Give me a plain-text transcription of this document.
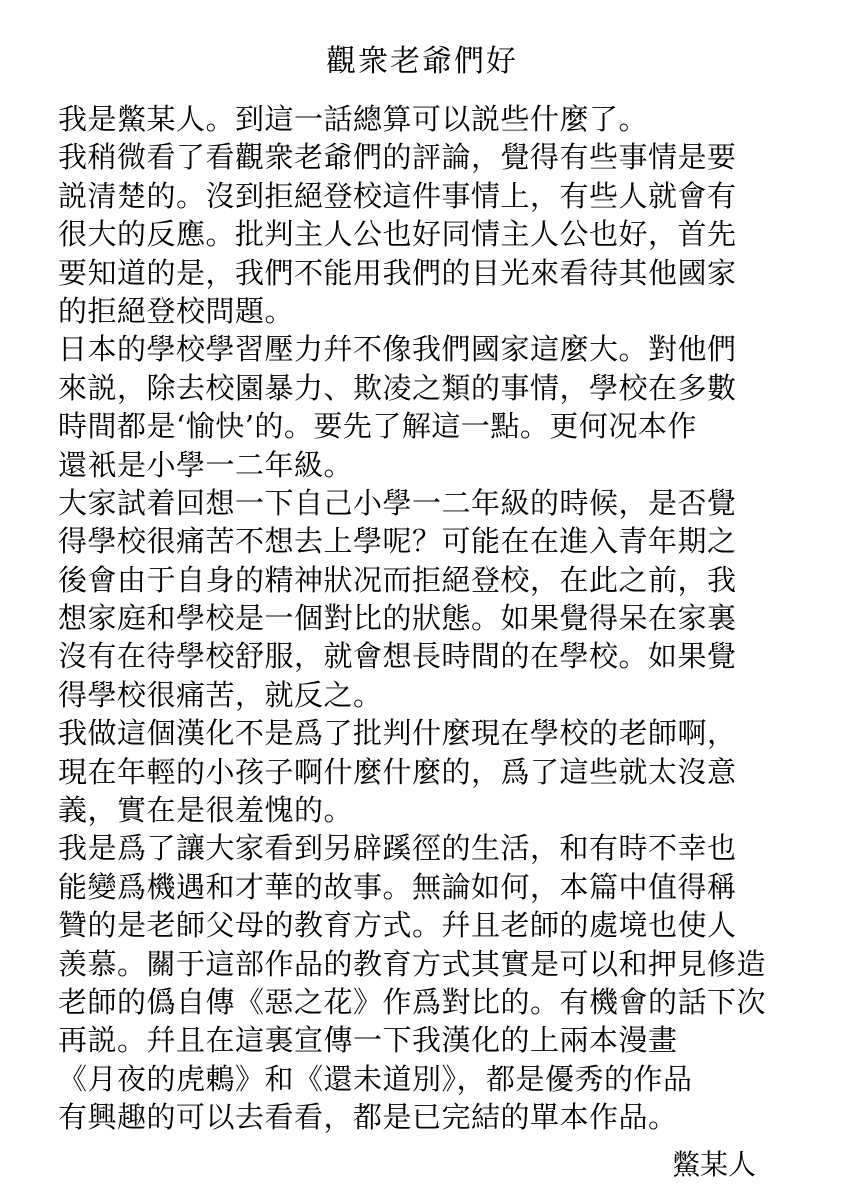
觀衆老爺們好
我是鱉某人。到這一話總算可以説些什麼了。
我稍微看了看觀衆老爺們的評論，覺得有些事情是要
説清楚的。沒到拒絕登校這件事情上，有些人就會有
很大的反應。批判主人公也好同情主人公也好，首先
要知道的是，我們不能用我們的目光來看待其他國家
的拒絕登校問題。
日本的學校學習壓力幷不像我們國家這麼大。對他們
來説，除去校園暴力、欺凌之類的事情，學校在多數
時間都是‘愉快’的。要先了解這一點。更何况本作
還衹是小學一二年級。
大家試着回想一下自己小學一二年級的時候，是否覺
得學校很痛苦不想去上學呢？可能在在進入青年期之
後會由于自身的精神狀况而拒絕登校，在此之前，我
想家庭和學校是一個對比的狀態。如果覺得呆在家裏
沒有在待學校舒服，就會想長時間的在學校。如果覺
得學校很痛苦，就反之。
我做這個漢化不是爲了批判什麼現在學校的老師啊，
現在年輕的小孩子啊什麼什麼的，爲了這些就太沒意
義，實在是很羞愧的。
我是爲了讓大家看到另辟蹊徑的生活，和有時不幸也
能變爲機遇和才華的故事。無論如何，本篇中值得稱
贊的是老師父母的教育方式。幷且老師的處境也使人
羡慕。關于這部作品的教育方式其實是可以和押見修造
老師的僞自傳《惡之花》作爲對比的。有機會的話下次
再説。幷且在這裏宣傳一下我漢化的上兩本漫畫
《月夜的虎鶇》和《還未道別》，都是優秀的作品
有興趣的可以去看看，都是已完結的單本作品。
鱉某人
